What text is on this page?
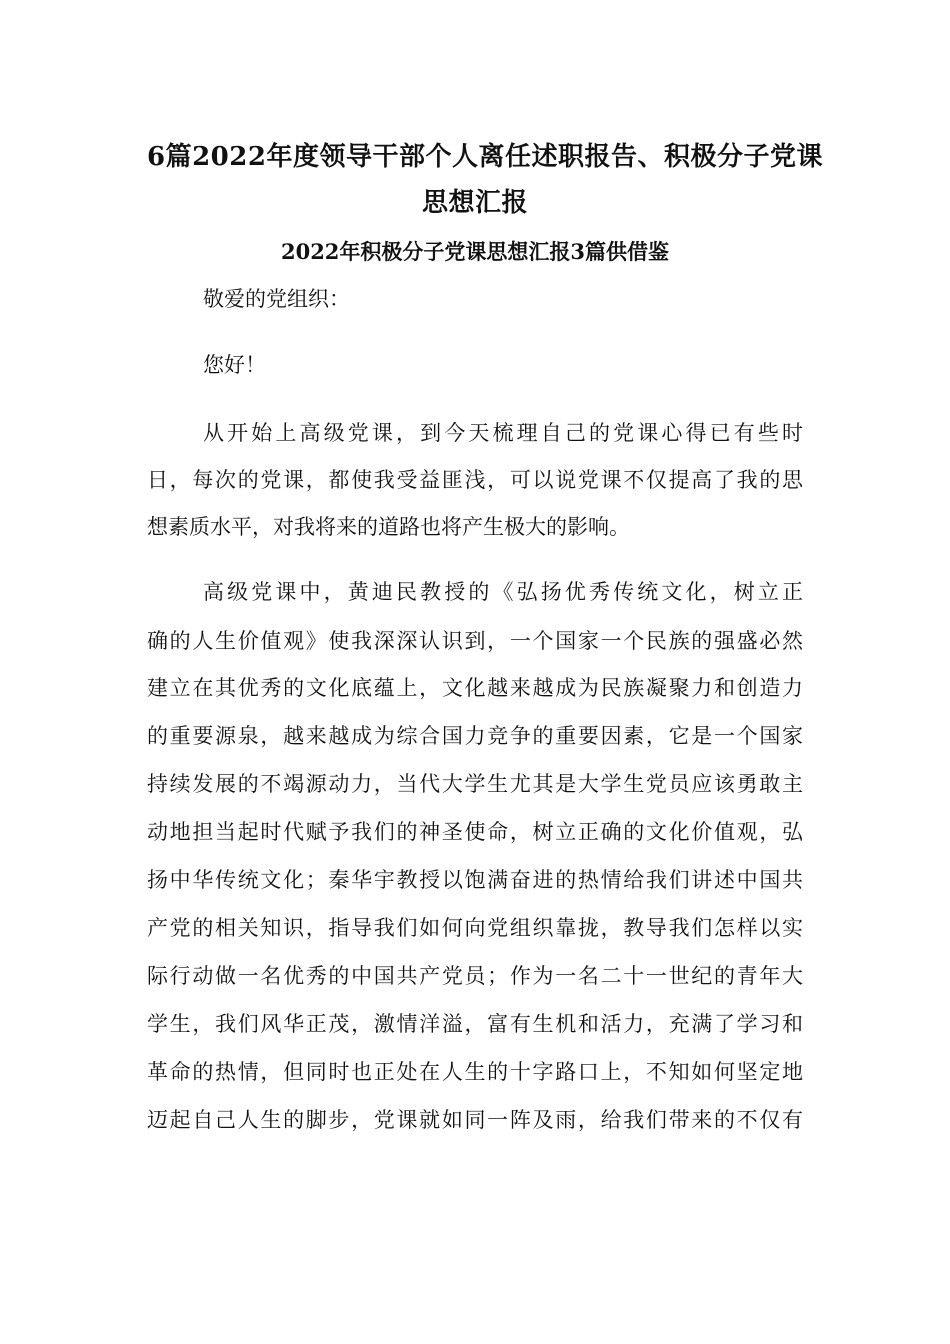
6篇2022年度领导干部个人离任述职报告、积极分子党课
思想汇报
2022年积极分子党课思想汇报3篇供借鉴
敬爱的党组织：
您好！
从开始上高级党课，到今天梳理自己的党课心得已有些时
日，每次的党课，都使我受益匪浅，可以说党课不仅提高了我的思
想素质水平，对我将来的道路也将产生极大的影响。
高级党课中，黄迪民教授的《弘扬优秀传统文化，树立正
确的人生价值观》使我深深认识到，一个国家一个民族的强盛必然
建立在其优秀的文化底蕴上，文化越来越成为民族凝聚力和创造力
的重要源泉，越来越成为综合国力竞争的重要因素，它是一个国家
持续发展的不竭源动力，当代大学生尤其是大学生党员应该勇敢主
动地担当起时代赋予我们的神圣使命，树立正确的文化价值观，弘
扬中华传统文化；秦华宇教授以饱满奋进的热情给我们讲述中国共
产党的相关知识，指导我们如何向党组织靠拢，教导我们怎样以实
际行动做一名优秀的中国共产党员；作为一名二十一世纪的青年大
学生，我们风华正茂，激情洋溢，富有生机和活力，充满了学习和
革命的热情，但同时也正处在人生的十字路口上，不知如何坚定地
迈起自己人生的脚步，党课就如同一阵及雨，给我们带来的不仅有
